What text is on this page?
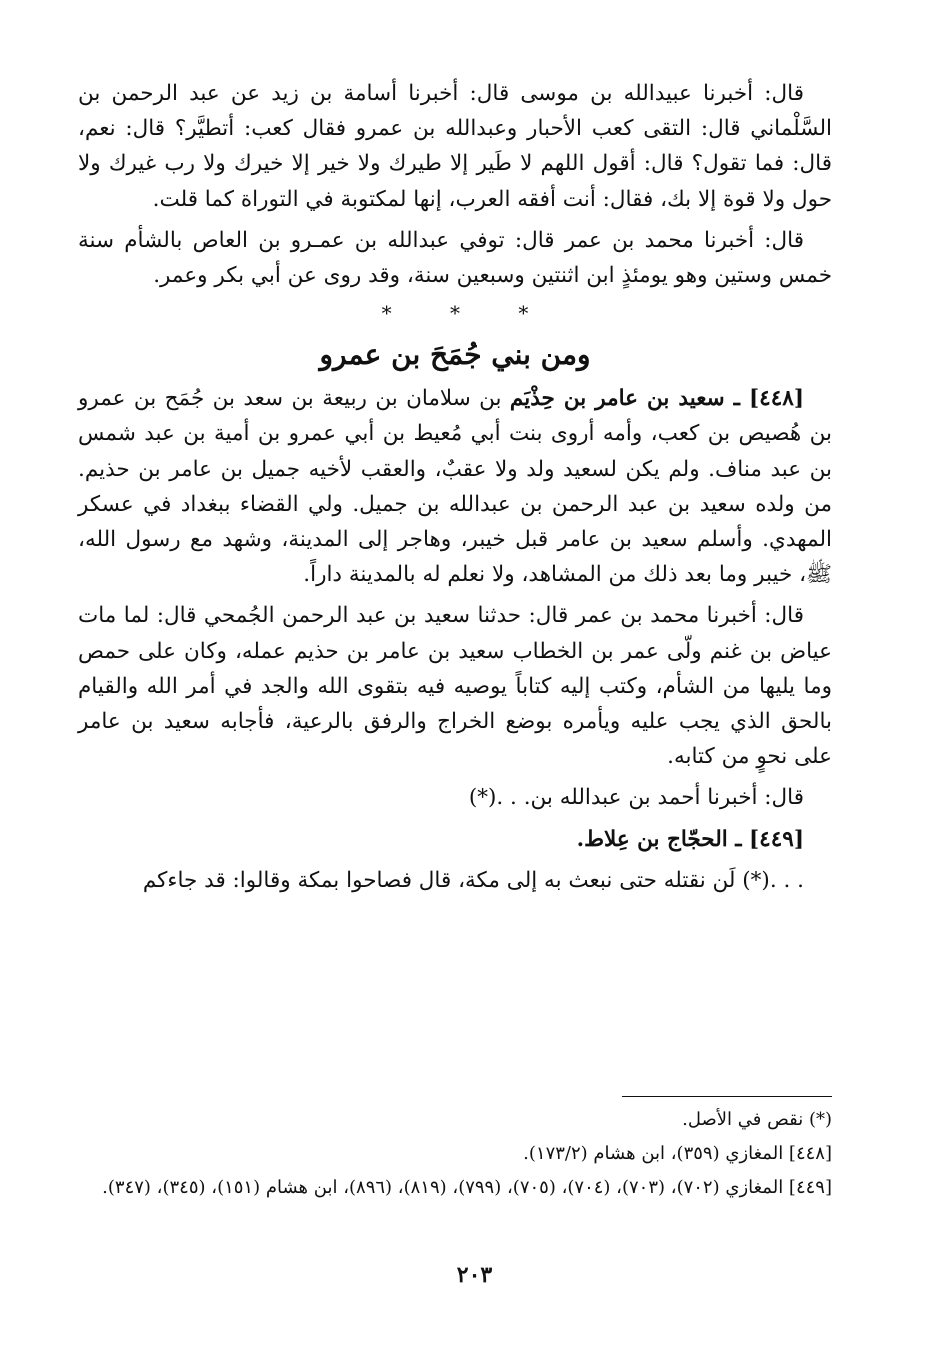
قال: أخبرنا عبيدالله بن موسى قال: أخبرنا أسامة بن زيد عن عبد الرحمن بن السَّلْماني قال: التقى كعب الأحبار وعبدالله بن عمرو فقال كعب: أتطيَّر؟ قال: نعم، قال: فما تقول؟ قال: أقول اللهم لا طَير إلا طيرك ولا خير إلا خيرك ولا رب غيرك ولا حول ولا قوة إلا بك، فقال: أنت أفقه العرب، إنها لمكتوبة في التوراة كما قلت.

قال: أخبرنا محمد بن عمر قال: توفي عبدالله بن عمـرو بن العاص بالشأم سنة خمس وستين وهو يومئذٍ ابن اثنتين وسبعين سنة، وقد روى عن أبي بكر وعمر.

* * *

ومن بني جُمَحَ بن عمرو

[٤٤٨] ـ سعيد بن عامر بن حِذْيَم بن سلامان بن ربيعة بن سعد بن جُمَح بن عمرو بن هُصيص بن كعب، وأمه أروى بنت أبي مُعيط بن أبي عمرو بن أمية بن عبد شمس بن عبد مناف. ولم يكن لسعيد ولد ولا عقبٌ، والعقب لأخيه جميل بن عامر بن حذيم. من ولده سعيد بن عبد الرحمن بن عبدالله بن جميل. ولي القضاء ببغداد في عسكر المهدي. وأسلم سعيد بن عامر قبل خيبر، وهاجر إلى المدينة، وشهد مع رسول الله، ﷺ، خيبر وما بعد ذلك من المشاهد، ولا نعلم له بالمدينة داراً.

قال: أخبرنا محمد بن عمر قال: حدثنا سعيد بن عبد الرحمن الجُمحي قال: لما مات عياض بن غنم ولّى عمر بن الخطاب سعيد بن عامر بن حذيم عمله، وكان على حمص وما يليها من الشأم، وكتب إليه كتاباً يوصيه فيه بتقوى الله والجد في أمر الله والقيام بالحق الذي يجب عليه ويأمره بوضع الخراج والرفق بالرعية، فأجابه سعيد بن عامر على نحوٍ من كتابه.

قال: أخبرنا أحمد بن عبدالله بن. . .(*)

[٤٤٩] ـ الحجّاج بن عِلاط.

. . .(*) لَن نقتله حتى نبعث به إلى مكة، قال فصاحوا بمكة وقالوا: قد جاءكم

(*) نقص في الأصل.

[٤٤٨] المغازي (٣٥٩)، ابن هشام (١٧٣/٢).

[٤٤٩] المغازي (٧٠٢)، (٧٠٣)، (٧٠٤)، (٧٠٥)، (٧٩٩)، (٨١٩)، (٨٩٦)، ابن هشام (١٥١)، (٣٤٥)، (٣٤٧).

٢٠٣
